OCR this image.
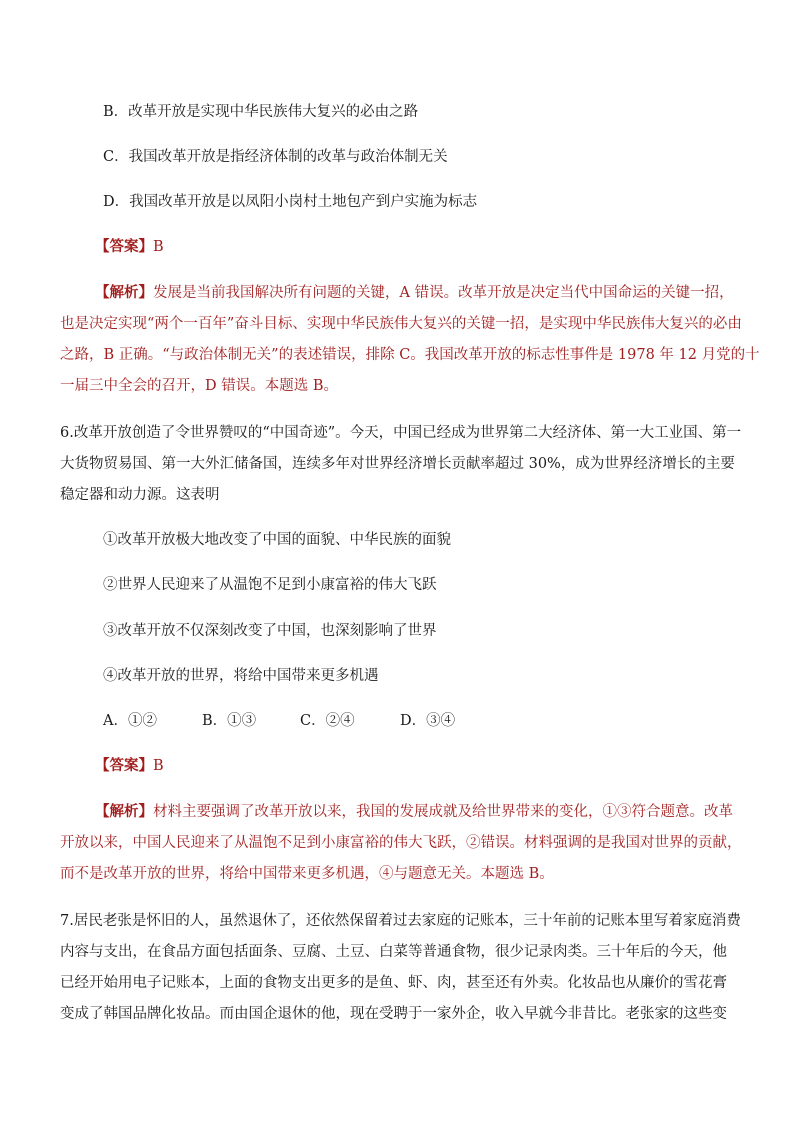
B．改革开放是实现中华民族伟大复兴的必由之路
C．我国改革开放是指经济体制的改革与政治体制无关
D．我国改革开放是以凤阳小岗村土地包产到户实施为标志
【答案】B
【解析】发展是当前我国解决所有问题的关键，A 错误。改革开放是决定当代中国命运的关键一招，
也是决定实现“两个一百年”奋斗目标、实现中华民族伟大复兴的关键一招，是实现中华民族伟大复兴的必由
之路，B 正确。“与政治体制无关”的表述错误，排除 C。我国改革开放的标志性事件是 1978 年 12 月党的十
一届三中全会的召开，D 错误。本题选 B。
6.改革开放创造了令世界赞叹的“中国奇迹”。今天，中国已经成为世界第二大经济体、第一大工业国、第一
大货物贸易国、第一大外汇储备国，连续多年对世界经济增长贡献率超过 30%，成为世界经济增长的主要
稳定器和动力源。这表明
①改革开放极大地改变了中国的面貌、中华民族的面貌
②世界人民迎来了从温饱不足到小康富裕的伟大飞跃
③改革开放不仅深刻改变了中国，也深刻影响了世界
④改革开放的世界，将给中国带来更多机遇
A．①②	B．①③	C．②④	D．③④
【答案】B
【解析】材料主要强调了改革开放以来，我国的发展成就及给世界带来的变化，①③符合题意。改革
开放以来，中国人民迎来了从温饱不足到小康富裕的伟大飞跃，②错误。材料强调的是我国对世界的贡献，
而不是改革开放的世界，将给中国带来更多机遇，④与题意无关。本题选 B。
7.居民老张是怀旧的人，虽然退休了，还依然保留着过去家庭的记账本，三十年前的记账本里写着家庭消费
内容与支出，在食品方面包括面条、豆腐、土豆、白菜等普通食物，很少记录肉类。三十年后的今天，他
已经开始用电子记账本，上面的食物支出更多的是鱼、虾、肉，甚至还有外卖。化妆品也从廉价的雪花膏
变成了韩国品牌化妆品。而由国企退休的他，现在受聘于一家外企，收入早就今非昔比。老张家的这些变
